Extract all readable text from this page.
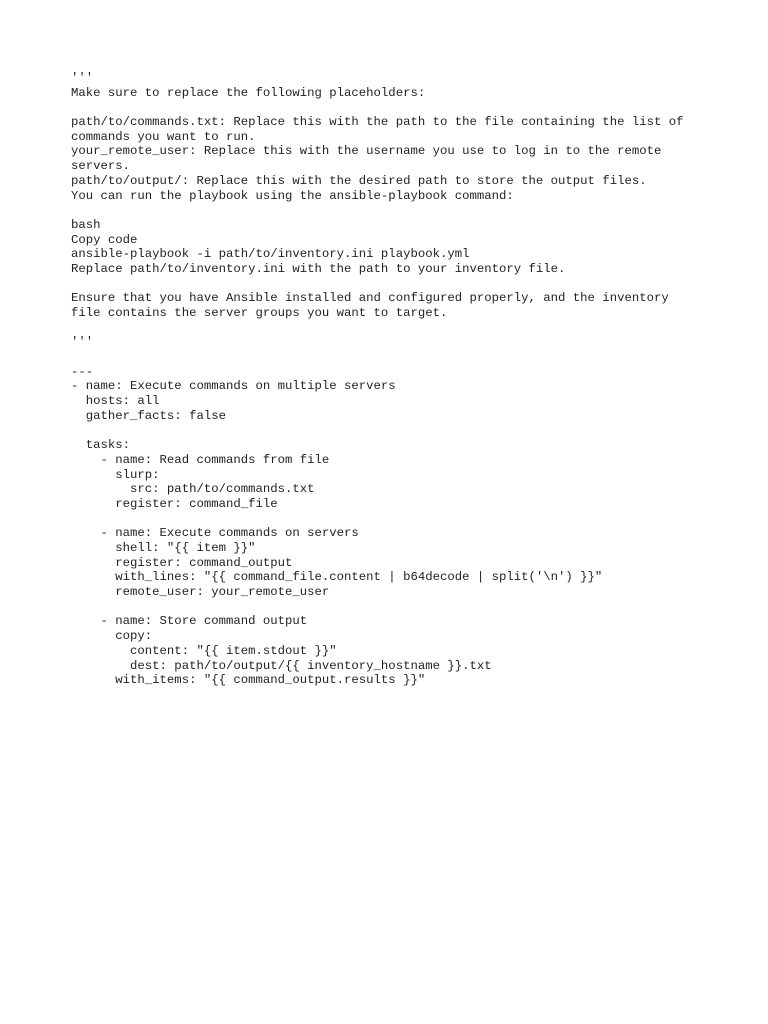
'''
Make sure to replace the following placeholders:
path/to/commands.txt: Replace this with the path to the file containing the list of
commands you want to run.
your_remote_user: Replace this with the username you use to log in to the remote
servers.
path/to/output/: Replace this with the desired path to store the output files.
You can run the playbook using the ansible-playbook command:
bash
Copy code
ansible-playbook -i path/to/inventory.ini playbook.yml
Replace path/to/inventory.ini with the path to your inventory file.
Ensure that you have Ansible installed and configured properly, and the inventory
file contains the server groups you want to target.
'''
---
- name: Execute commands on multiple servers
hosts: all
gather_facts: false
tasks:
- name: Read commands from file
slurp:
src: path/to/commands.txt
register: command_file
- name: Execute commands on servers
shell: "{{ item }}"
register: command_output
with_lines: "{{ command_file.content | b64decode | split('\n') }}"
remote_user: your_remote_user
- name: Store command output
copy:
content: "{{ item.stdout }}"
dest: path/to/output/{{ inventory_hostname }}.txt
with_items: "{{ command_output.results }}"
